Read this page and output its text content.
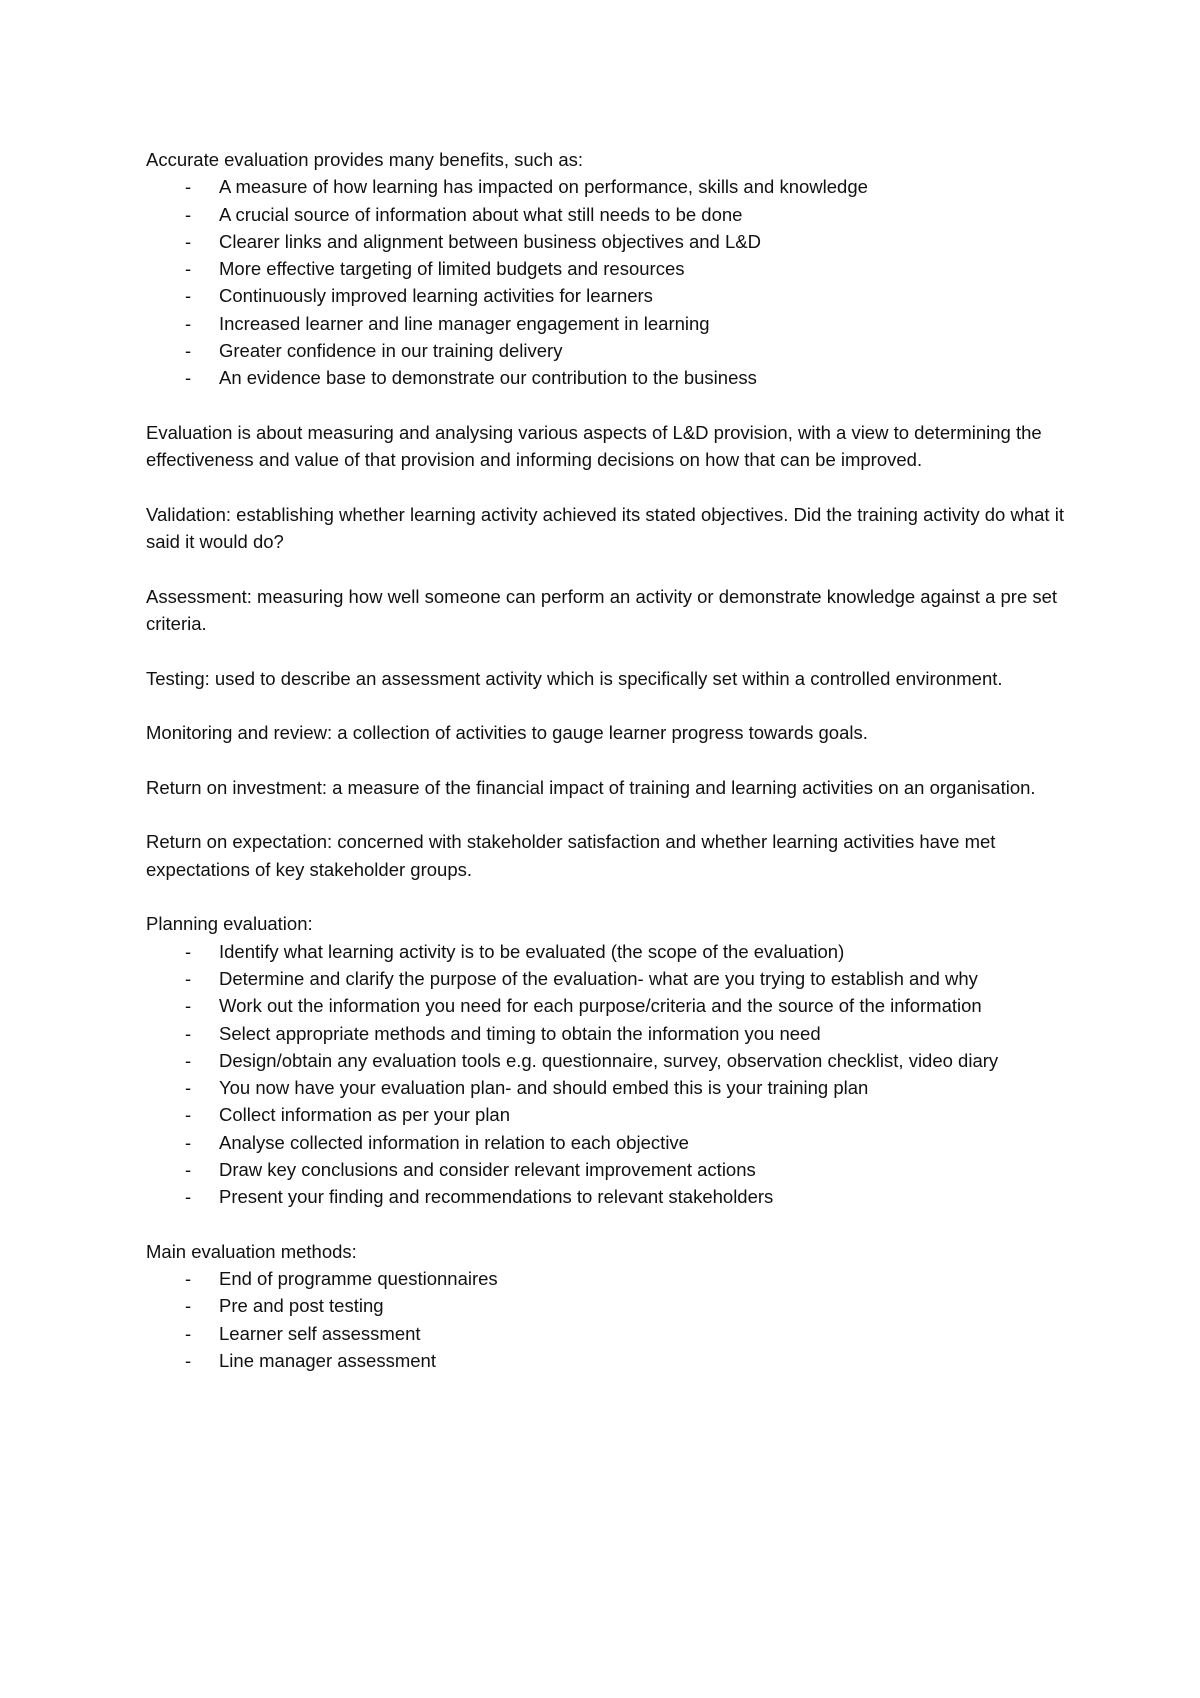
Accurate evaluation provides many benefits, such as:

- A measure of how learning has impacted on performance, skills and knowledge
- A crucial source of information about what still needs to be done
- Clearer links and alignment between business objectives and L&D
- More effective targeting of limited budgets and resources
- Continuously improved learning activities for learners
- Increased learner and line manager engagement in learning
- Greater confidence in our training delivery
- An evidence base to demonstrate our contribution to the business

Evaluation is about measuring and analysing various aspects of L&D provision, with a view to determining the effectiveness and value of that provision and informing decisions on how that can be improved.

Validation: establishing whether learning activity achieved its stated objectives. Did the training activity do what it said it would do?

Assessment: measuring how well someone can perform an activity or demonstrate knowledge against a pre set criteria.

Testing: used to describe an assessment activity which is specifically set within a controlled environment.

Monitoring and review: a collection of activities to gauge learner progress towards goals.

Return on investment: a measure of the financial impact of training and learning activities on an organisation.

Return on expectation: concerned with stakeholder satisfaction and whether learning activities have met expectations of key stakeholder groups.

Planning evaluation:

- Identify what learning activity is to be evaluated (the scope of the evaluation)
- Determine and clarify the purpose of the evaluation- what are you trying to establish and why
- Work out the information you need for each purpose/criteria and the source of the information
- Select appropriate methods and timing to obtain the information you need
- Design/obtain any evaluation tools e.g. questionnaire, survey, observation checklist, video diary
- You now have your evaluation plan- and should embed this is your training plan
- Collect information as per your plan
- Analyse collected information in relation to each objective
- Draw key conclusions and consider relevant improvement actions
- Present your finding and recommendations to relevant stakeholders

Main evaluation methods:

- End of programme questionnaires
- Pre and post testing
- Learner self assessment
- Line manager assessment
